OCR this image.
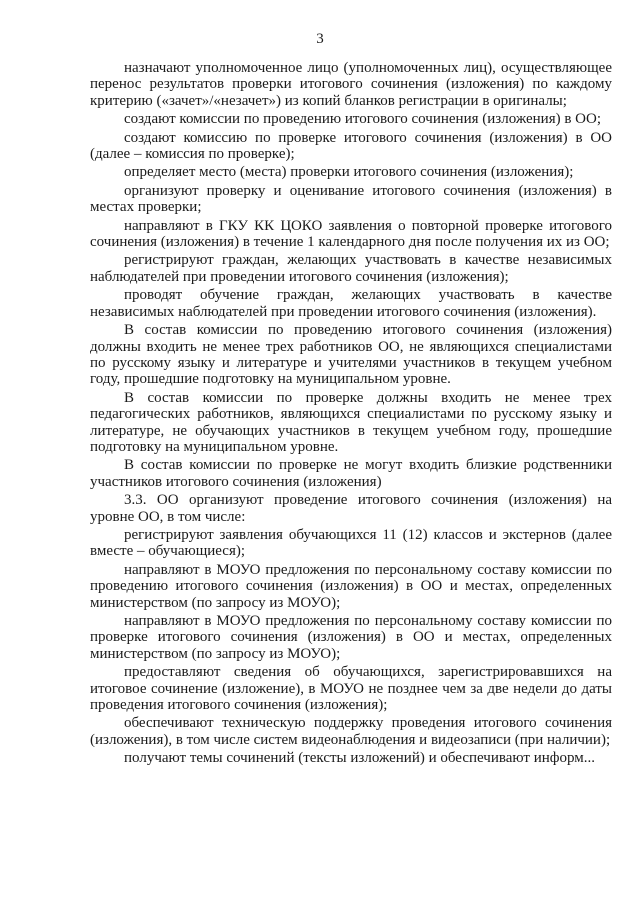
3

назначают уполномоченное лицо (уполномоченных лиц), осуществляющее перенос результатов проверки итогового сочинения (изложения) по каждому критерию («зачет»/«незачет») из копий бланков регистрации в оригиналы;

создают комиссии по проведению итогового сочинения (изложения) в ОО;

создают комиссию по проверке итогового сочинения (изложения) в ОО (далее – комиссия по проверке);

определяет место (места) проверки итогового сочинения (изложения);

организуют проверку и оценивание итогового сочинения (изложения) в местах проверки;

направляют в ГКУ КК ЦОКО заявления о повторной проверке итогового сочинения (изложения) в течение 1 календарного дня после получения их из ОО;

регистрируют граждан, желающих участвовать в качестве независимых наблюдателей при проведении итогового сочинения (изложения);

проводят обучение граждан, желающих участвовать в качестве независимых наблюдателей при проведении итогового сочинения (изложения).

В состав комиссии по проведению итогового сочинения (изложения) должны входить не менее трех работников ОО, не являющихся специалистами по русскому языку и литературе и учителями участников в текущем учебном году, прошедшие подготовку на муниципальном уровне.

В состав комиссии по проверке должны входить не менее трех педагогических работников, являющихся специалистами по русскому языку и литературе, не обучающих участников в текущем учебном году, прошедшие подготовку на муниципальном уровне.

В состав комиссии по проверке не могут входить близкие родственники участников итогового сочинения (изложения)

3.3. ОО организуют проведение итогового сочинения (изложения) на уровне ОО, в том числе:

регистрируют заявления обучающихся 11 (12) классов и экстернов (далее вместе – обучающиеся);

направляют в МОУО предложения по персональному составу комиссии по проведению итогового сочинения (изложения) в ОО и местах, определенных министерством (по запросу из МОУО);

направляют в МОУО предложения по персональному составу комиссии по проверке итогового сочинения (изложения) в ОО и местах, определенных министерством (по запросу из МОУО);

предоставляют сведения об обучающихся, зарегистрировавшихся на итоговое сочинение (изложение), в МОУО не позднее чем за две недели до даты проведения итогового сочинения (изложения);

обеспечивают техническую поддержку проведения итогового сочинения (изложения), в том числе систем видеонаблюдения и видеозаписи (при наличии);

получают темы сочинений (тексты изложений) и обеспечивают информ...
